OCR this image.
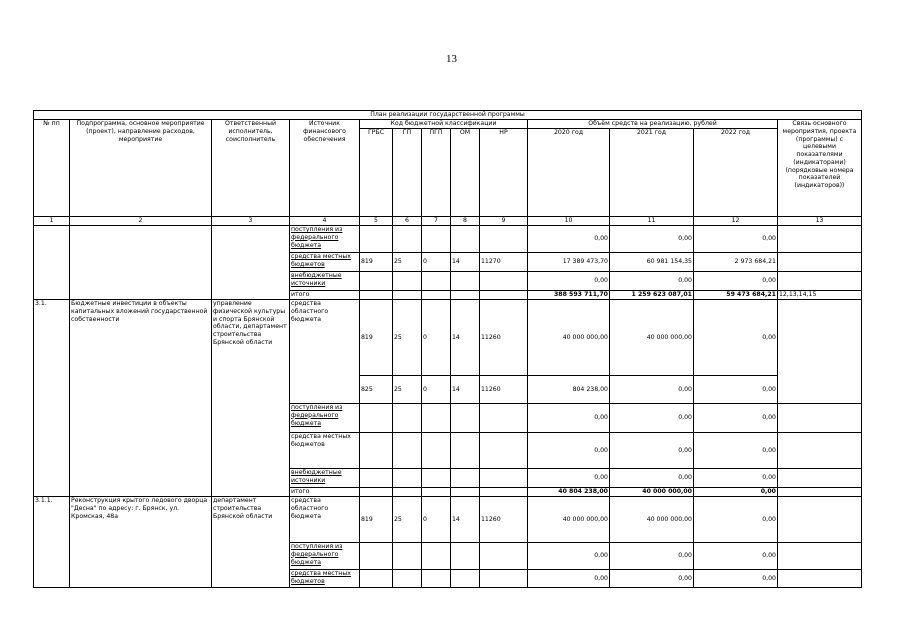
13
План реализации государственной программы												
№ пп	Подпрограмма, основное мероприятие (проект), направление расходов, мероприятие	Ответственный исполнитель, соисполнитель	Источник финансового обеспечения	Код бюджетной классификации					Объём средств на реализацию, рублей			Связь основного мероприятия, проекта (программы) с целевыми показателями (индикаторами) (порядковые номера показателей (индикаторов))
				ГРБС	ГП	ПГП	ОМ	НР	2020 год	2021 год	2022 год	
1	2	3	4	5	6	7	8	9	10	11	12	13
			поступления из федерального бюджета						0,00	0,00	0,00	
			средства местных бюджетов	819	25	0	14	11270	17 389 473,70	60 981 154,35	2 973 684,21	
			внебюджетные источники						0,00	0,00	0,00	
			итого						388 593 711,70	1 259 623 087,01	59 473 684,21	12,13,14,15
3.1.	Бюджетные инвестиции в объекты капитальных вложений государственной собственности	управление физической культуры и спорта Брянской области, департамент строительства Брянской области	средства областного бюджета	819	25	0	14	11260	40 000 000,00	40 000 000,00	0,00	
				825	25	0	14	11260	804 238,00	0,00	0,00	
			поступления из федерального бюджета						0,00	0,00	0,00	
			средства местных бюджетов						0,00	0,00	0,00	
			внебюджетные источники						0,00	0,00	0,00	
			итого						40 804 238,00	40 000 000,00	0,00	
3.1.1.	Реконструкция крытого ледового дворца "Десна" по адресу: г. Брянск, ул. Кромская, 48а	департамент строительства Брянской области	средства областного бюджета	819	25	0	14	11260	40 000 000,00	40 000 000,00	0,00	
			поступления из федерального бюджета						0,00	0,00	0,00	
			средства местных бюджетов						0,00	0,00	0,00	
